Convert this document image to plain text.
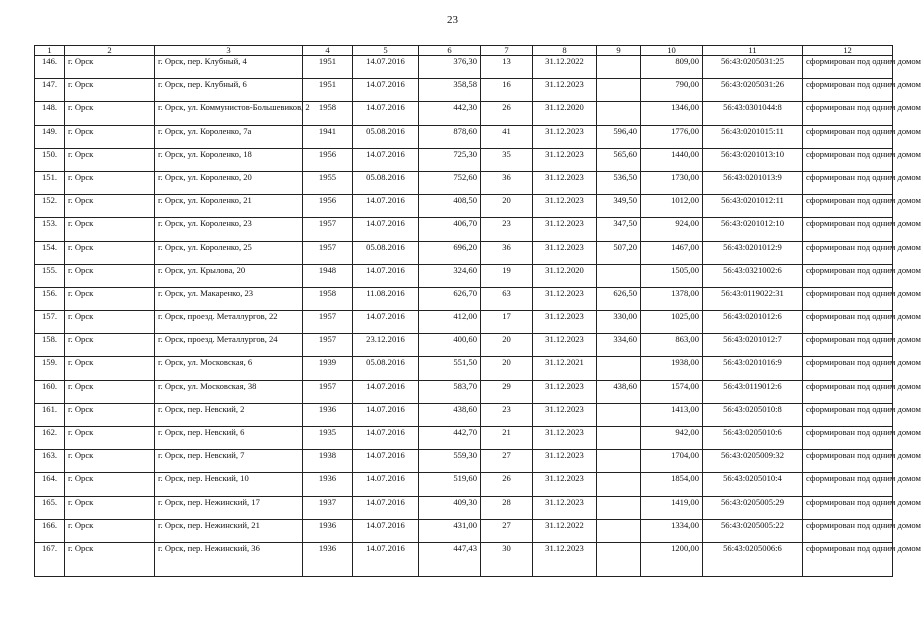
23
1	2	3	4	5	6	7	8	9	10	11	12
146.	г. Орск	г. Орск, пер. Клубный, 4	1951	14.07.2016	376,30	13	31.12.2022		809,00	56:43:0205031:25	сформирован под одним домом
147.	г. Орск	г. Орск, пер. Клубный, 6	1951	14.07.2016	358,58	16	31.12.2023		790,00	56:43:0205031:26	сформирован под одним домом
148.	г. Орск	г. Орск, ул. Коммунистов-Большевиков, 2	1958	14.07.2016	442,30	26	31.12.2020		1346,00	56:43:0301044:8	сформирован под одним домом
149.	г. Орск	г. Орск, ул. Короленко, 7а	1941	05.08.2016	878,60	41	31.12.2023	596,40	1776,00	56:43:0201015:11	сформирован под одним домом
150.	г. Орск	г. Орск, ул. Короленко, 18	1956	14.07.2016	725,30	35	31.12.2023	565,60	1440,00	56:43:0201013:10	сформирован под одним домом
151.	г. Орск	г. Орск, ул. Короленко, 20	1955	05.08.2016	752,60	36	31.12.2023	536,50	1730,00	56:43:0201013:9	сформирован под одним домом
152.	г. Орск	г. Орск, ул. Короленко, 21	1956	14.07.2016	408,50	20	31.12.2023	349,50	1012,00	56:43:0201012:11	сформирован под одним домом
153.	г. Орск	г. Орск, ул. Короленко, 23	1957	14.07.2016	406,70	23	31.12.2023	347,50	924,00	56:43:0201012:10	сформирован под одним домом
154.	г. Орск	г. Орск, ул. Короленко, 25	1957	05.08.2016	696,20	36	31.12.2023	507,20	1467,00	56:43:0201012:9	сформирован под одним домом
155.	г. Орск	г. Орск, ул. Крылова, 20	1948	14.07.2016	324,60	19	31.12.2020		1505,00	56:43:0321002:6	сформирован под одним домом
156.	г. Орск	г. Орск, ул. Макаренко, 23	1958	11.08.2016	626,70	63	31.12.2023	626,50	1378,00	56:43:0119022:31	сформирован под одним домом
157.	г. Орск	г. Орск, проезд. Металлургов, 22	1957	14.07.2016	412,00	17	31.12.2023	330,00	1025,00	56:43:0201012:6	сформирован под одним домом
158.	г. Орск	г. Орск, проезд. Металлургов, 24	1957	23.12.2016	400,60	20	31.12.2023	334,60	863,00	56:43:0201012:7	сформирован под одним домом
159.	г. Орск	г. Орск, ул. Московская, 6	1939	05.08.2016	551,50	20	31.12.2021		1938,00	56:43:0201016:9	сформирован под одним домом
160.	г. Орск	г. Орск, ул. Московская, 38	1957	14.07.2016	583,70	29	31.12.2023	438,60	1574,00	56:43:0119012:6	сформирован под одним домом
161.	г. Орск	г. Орск, пер. Невский, 2	1936	14.07.2016	438,60	23	31.12.2023		1413,00	56:43:0205010:8	сформирован под одним домом
162.	г. Орск	г. Орск, пер. Невский, 6	1935	14.07.2016	442,70	21	31.12.2023		942,00	56:43:0205010:6	сформирован под одним домом
163.	г. Орск	г. Орск, пер. Невский, 7	1938	14.07.2016	559,30	27	31.12.2023		1704,00	56:43:0205009:32	сформирован под одним домом
164.	г. Орск	г. Орск, пер. Невский, 10	1936	14.07.2016	519,60	26	31.12.2023		1854,00	56:43:0205010:4	сформирован под одним домом
165.	г. Орск	г. Орск, пер. Нежинский, 17	1937	14.07.2016	409,30	28	31.12.2023		1419,00	56:43:0205005:29	сформирован под одним домом
166.	г. Орск	г. Орск, пер. Нежинский, 21	1936	14.07.2016	431,00	27	31.12.2022		1334,00	56:43:0205005:22	сформирован под одним домом
167.	г. Орск	г. Орск, пер. Нежинский, 36	1936	14.07.2016	447,43	30	31.12.2023		1200,00	56:43:0205006:6	сформирован под одним домом
